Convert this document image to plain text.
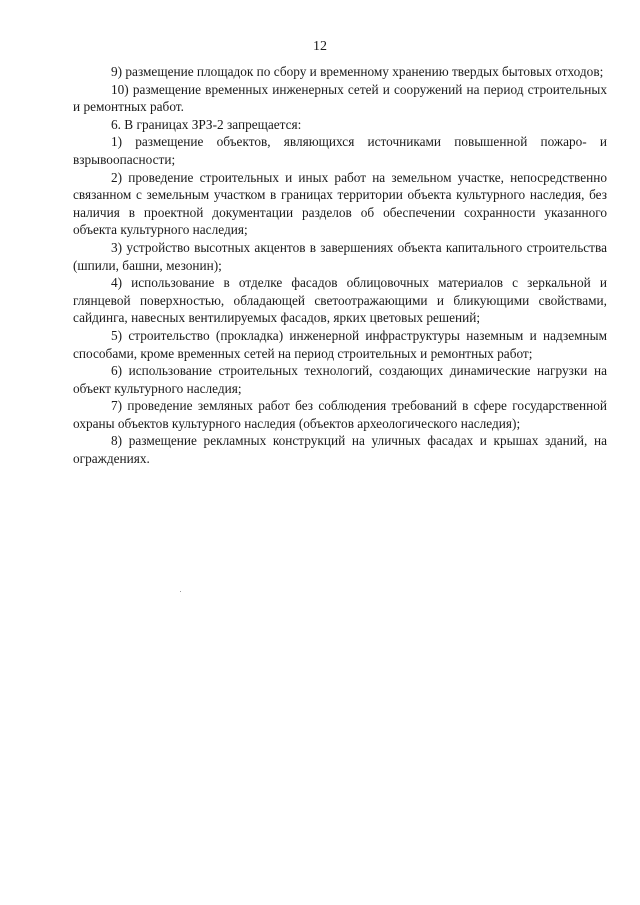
12

9) размещение площадок по сбору и временному хранению твердых бытовых отходов;

10) размещение временных инженерных сетей и сооружений на период строительных и ремонтных работ.

6. В границах ЗРЗ-2 запрещается:

1) размещение объектов, являющихся источниками повышенной пожаро- и взрывоопасности;

2) проведение строительных и иных работ на земельном участке, непосредственно связанном с земельным участком в границах территории объекта культурного наследия, без наличия в проектной документации разделов об обеспечении сохранности указанного объекта культурного наследия;

3) устройство высотных акцентов в завершениях объекта капитального строительства (шпили, башни, мезонин);

4) использование в отделке фасадов облицовочных материалов с зеркальной и глянцевой поверхностью, обладающей светоотражающими и бликующими свойствами, сайдинга, навесных вентилируемых фасадов, ярких цветовых решений;

5) строительство (прокладка) инженерной инфраструктуры наземным и надземным способами, кроме временных сетей на период строительных и ремонтных работ;

6) использование строительных технологий, создающих динамические нагрузки на объект культурного наследия;

7) проведение земляных работ без соблюдения требований в сфере государственной охраны объектов культурного наследия (объектов археологического наследия);

8) размещение рекламных конструкций на уличных фасадах и крышах зданий, на ограждениях.
